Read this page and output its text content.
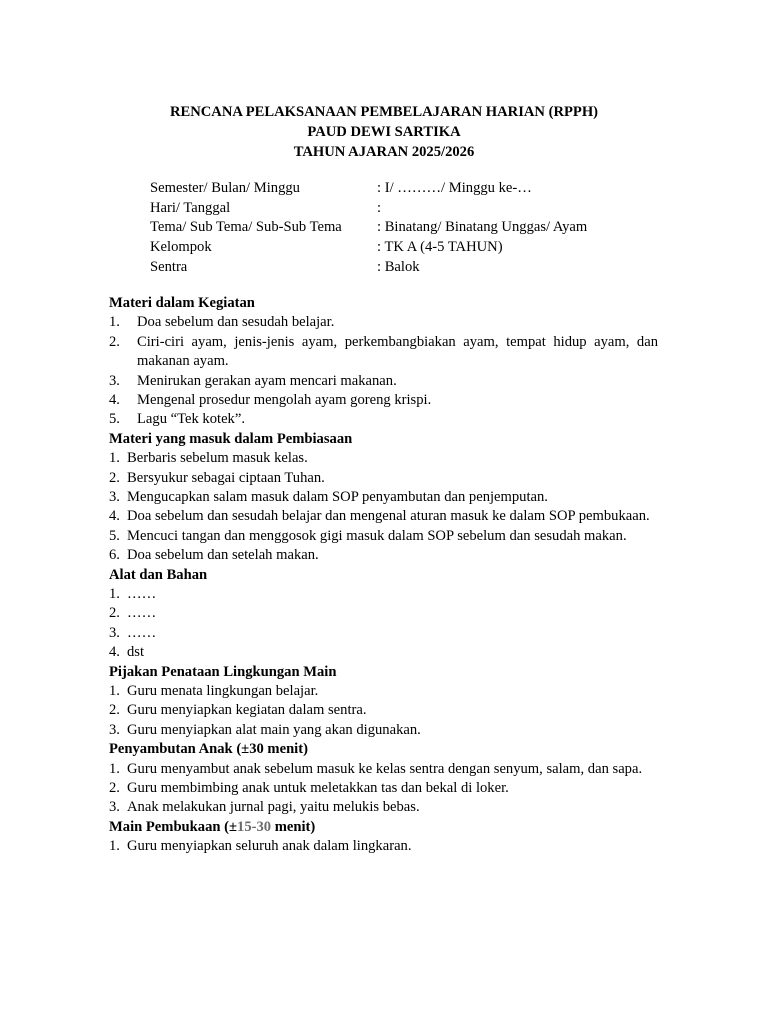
RENCANA PELAKSANAAN PEMBELAJARAN HARIAN (RPPH)
PAUD DEWI SARTIKA
TAHUN AJARAN 2025/2026
Semester/ Bulan/ Minggu	: I/ ………/ Minggu ke-…
Hari/ Tanggal	:
Tema/ Sub Tema/ Sub-Sub Tema	: Binatang/ Binatang Unggas/ Ayam
Kelompok	: TK A (4-5 TAHUN)
Sentra	: Balok
Materi dalam Kegiatan
1.	Doa sebelum dan sesudah belajar.
2.	Ciri-ciri ayam, jenis-jenis ayam, perkembangbiakan ayam, tempat hidup ayam, dan makanan ayam.
3.	Menirukan gerakan ayam mencari makanan.
4.	Mengenal prosedur mengolah ayam goreng krispi.
5.	Lagu “Tek kotek”.
Materi yang masuk dalam Pembiasaan
1. Berbaris sebelum masuk kelas.
2. Bersyukur sebagai ciptaan Tuhan.
3. Mengucapkan salam masuk dalam SOP penyambutan dan penjemputan.
4. Doa sebelum dan sesudah belajar dan mengenal aturan masuk ke dalam SOP pembukaan.
5. Mencuci tangan dan menggosok gigi masuk dalam SOP sebelum dan sesudah makan.
6. Doa sebelum dan setelah makan.
Alat dan Bahan
1. ……
2. ……
3. ……
4. dst
Pijakan Penataan Lingkungan Main
1. Guru menata lingkungan belajar.
2. Guru menyiapkan kegiatan dalam sentra.
3. Guru menyiapkan alat main yang akan digunakan.
Penyambutan Anak (±30 menit)
1. Guru menyambut anak sebelum masuk ke kelas sentra dengan senyum, salam, dan sapa.
2. Guru membimbing anak untuk meletakkan tas dan bekal di loker.
3. Anak melakukan jurnal pagi, yaitu melukis bebas.
Main Pembukaan (±15-30 menit)
1. Guru menyiapkan seluruh anak dalam lingkaran.
